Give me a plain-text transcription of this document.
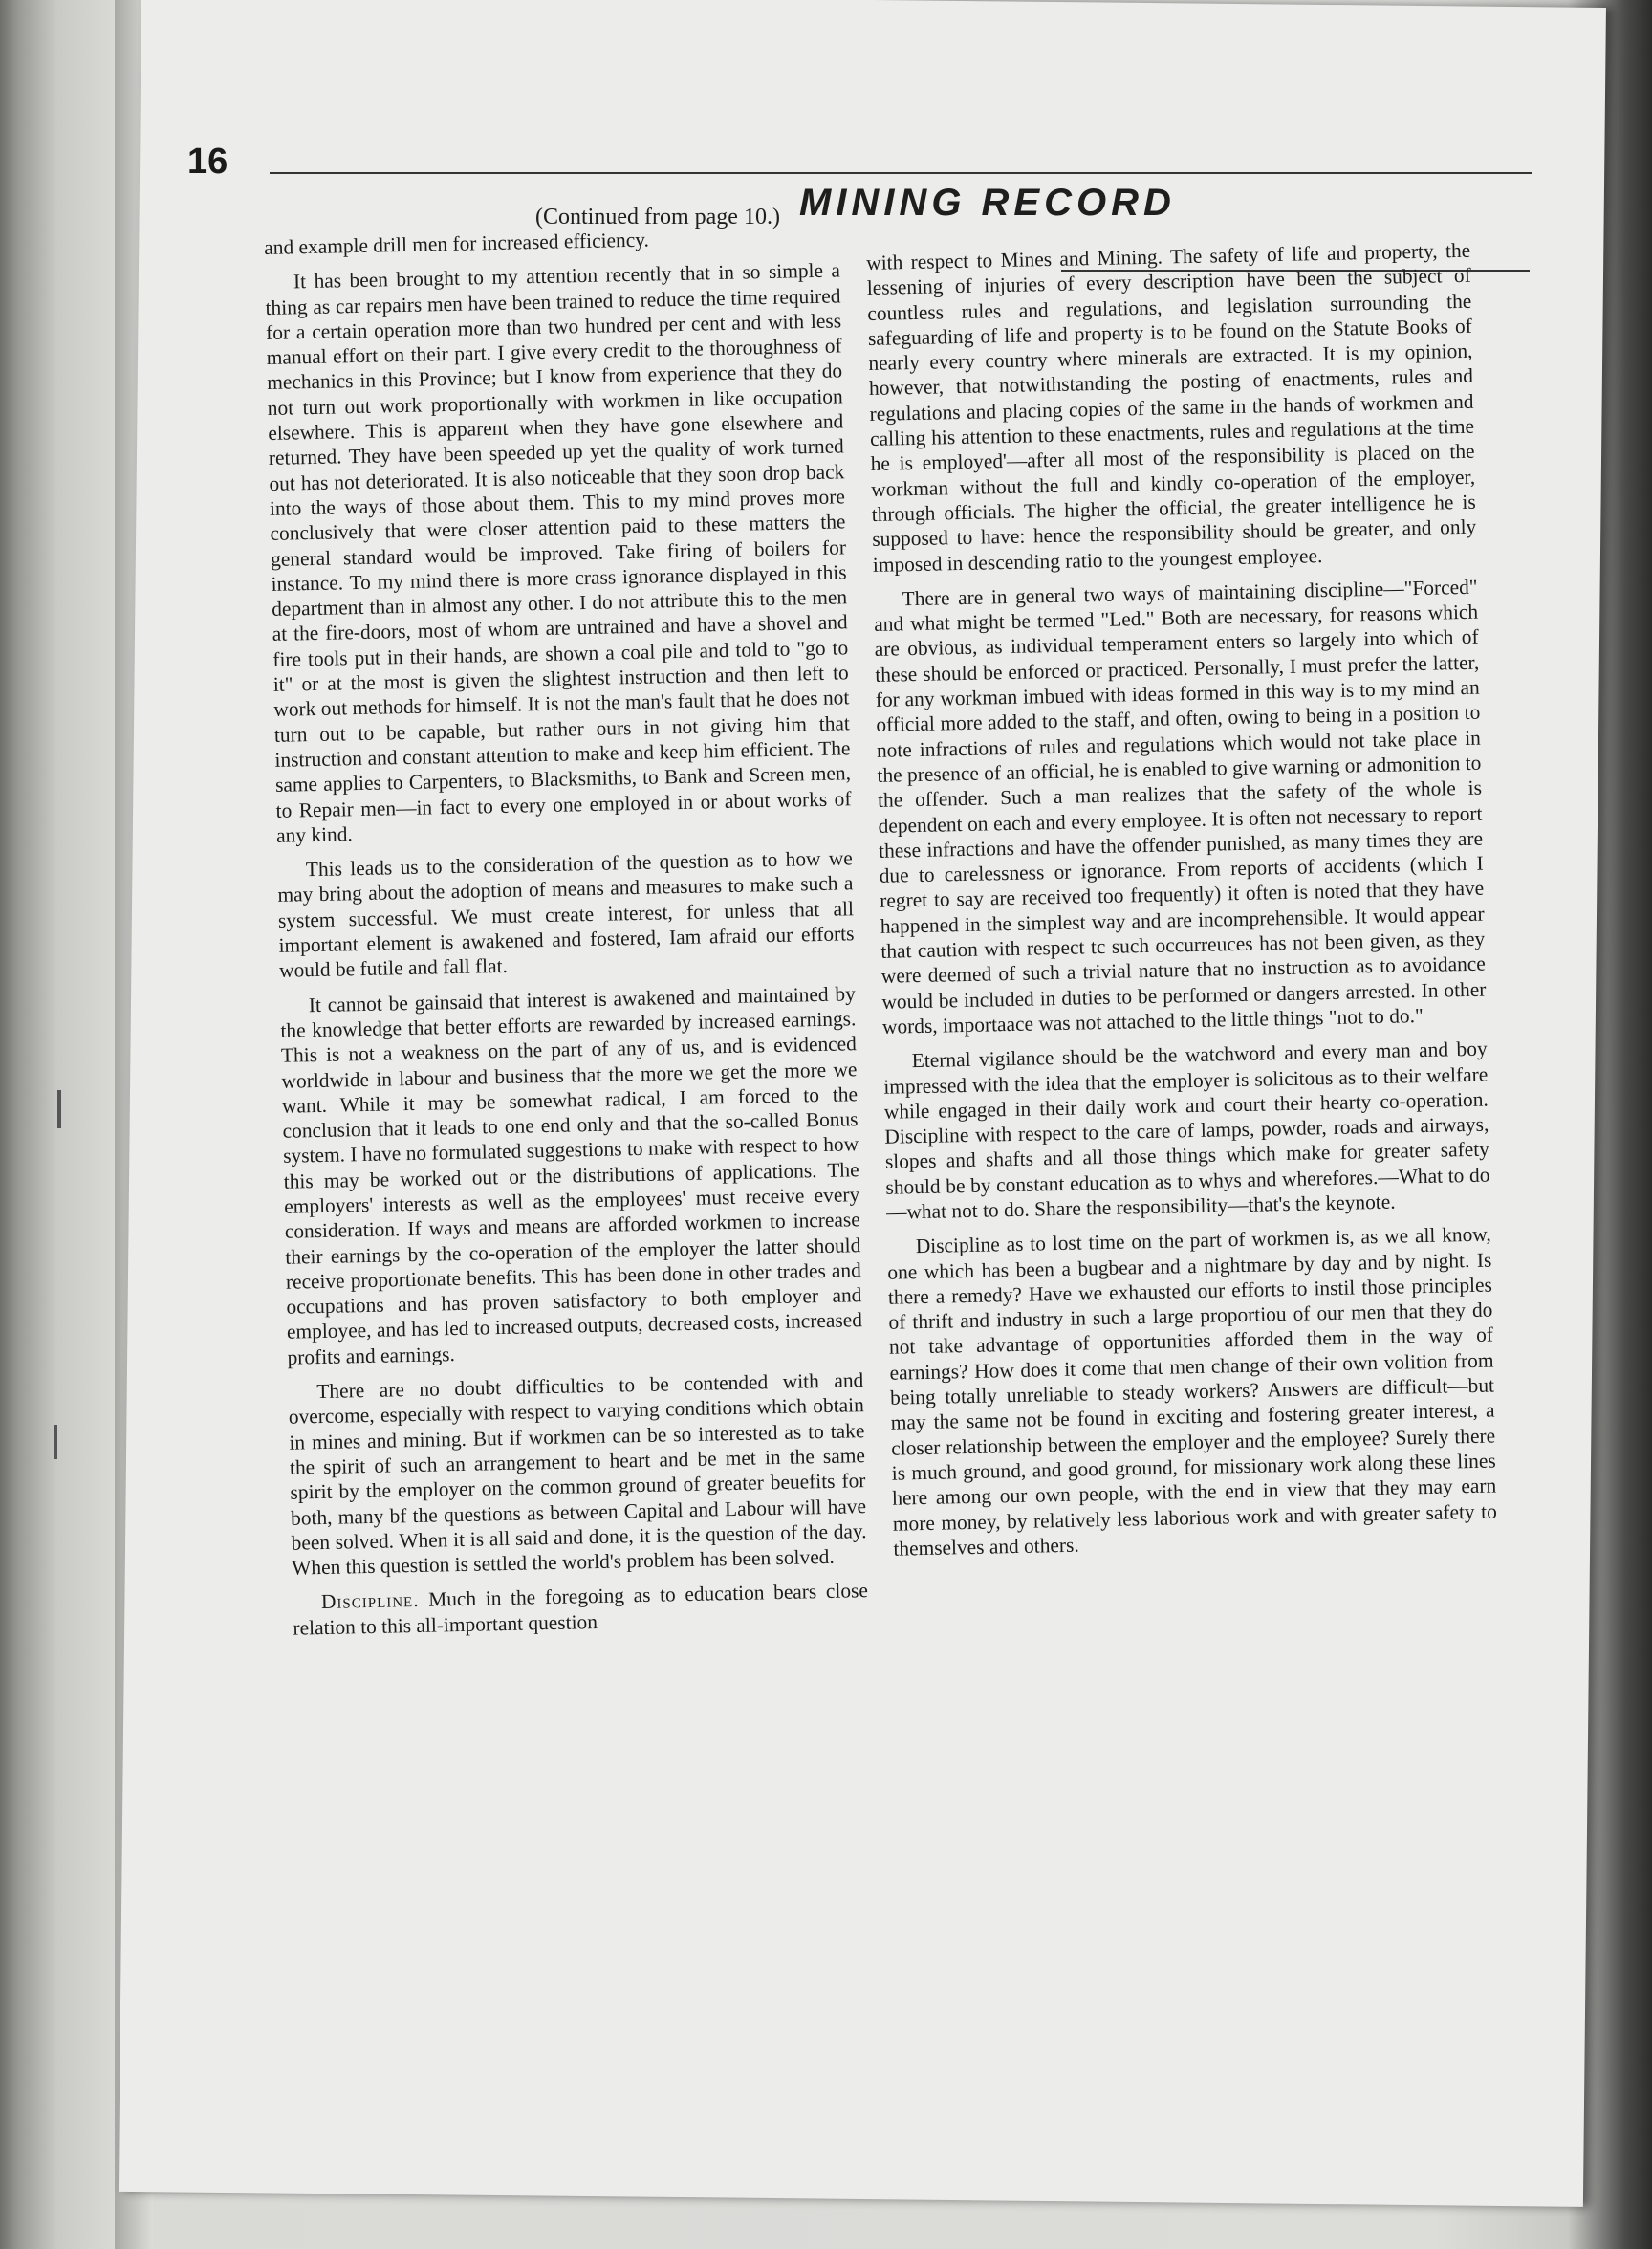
16
MINING RECORD
(Continued from page 10.)

and example drill men for increased efficiency.

It has been brought to my attention recently that in so simple a thing as car repairs men have been trained to reduce the time required for a certain operation more than two hundred per cent and with less manual effort on their part. I give every credit to the thoroughness of mechanics in this Province; but I know from experience that they do not turn out work proportionally with workmen in like occupation elsewhere. This is apparent when they have gone elsewhere and returned. They have been speeded up yet the quality of work turned out has not deteriorated. It is also noticeable that they soon drop back into the ways of those about them. This to my mind proves more conclusively that were closer attention paid to these matters the general standard would be improved. Take firing of boilers for instance. To my mind there is more crass ignorance displayed in this department than in almost any other. I do not attribute this to the men at the fire-doors, most of whom are untrained and have a shovel and fire tools put in their hands, are shown a coal pile and told to "go to it" or at the most is given the slightest instruction and then left to work out methods for himself. It is not the man's fault that he does not turn out to be capable, but rather ours in not giving him that instruction and constant attention to make and keep him efficient. The same applies to Carpenters, to Blacksmiths, to Bank and Screen men, to Repair men—in fact to every one employed in or about works of any kind.

This leads us to the consideration of the question as to how we may bring about the adoption of means and measures to make such a system successful. We must create interest, for unless that all important element is awakened and fostered, Iam afraid our efforts would be futile and fall flat.

It cannot be gainsaid that interest is awakened and maintained by the knowledge that better efforts are rewarded by increased earnings. This is not a weakness on the part of any of us, and is evidenced worldwide in labour and business that the more we get the more we want. While it may be somewhat radical, I am forced to the conclusion that it leads to one end only and that the so-called Bonus system. I have no formulated suggestions to make with respect to how this may be worked out or the distributions of applications. The employers' interests as well as the employees' must receive every consideration. If ways and means are afforded workmen to increase their earnings by the co-operation of the employer the latter should receive proportionate benefits. This has been done in other trades and occupations and has proven satisfactory to both employer and employee, and has led to increased outputs, decreased costs, increased profits and earnings.

There are no doubt difficulties to be contended with and overcome, especially with respect to varying conditions which obtain in mines and mining. But if workmen can be so interested as to take the spirit of such an arrangement to heart and be met in the same spirit by the employer on the common ground of greater beuefits for both, many bf the questions as between Capital and Labour will have been solved. When it is all said and done, it is the question of the day. When this question is settled the world's problem has been solved.

Discipline. Much in the foregoing as to education bears close relation to this all-important question

with respect to Mines and Mining. The safety of life and property, the lessening of injuries of every description have been the subject of countless rules and regulations, and legislation surrounding the safeguarding of life and property is to be found on the Statute Books of nearly every country where minerals are extracted. It is my opinion, however, that notwithstanding the posting of enactments, rules and regulations and placing copies of the same in the hands of workmen and calling his attention to these enactments, rules and regulations at the time he is employed'—after all most of the responsibility is placed on the workman without the full and kindly co-operation of the employer, through officials. The higher the official, the greater intelligence he is supposed to have: hence the responsibility should be greater, and only imposed in descending ratio to the youngest employee.

There are in general two ways of maintaining discipline—"Forced" and what might be termed "Led." Both are necessary, for reasons which are obvious, as individual temperament enters so largely into which of these should be enforced or practiced. Personally, I must prefer the latter, for any workman imbued with ideas formed in this way is to my mind an official more added to the staff, and often, owing to being in a position to note infractions of rules and regulations which would not take place in the presence of an official, he is enabled to give warning or admonition to the offender. Such a man realizes that the safety of the whole is dependent on each and every employee. It is often not necessary to report these infractions and have the offender punished, as many times they are due to carelessness or ignorance. From reports of accidents (which I regret to say are received too frequently) it often is noted that they have happened in the simplest way and are incomprehensible. It would appear that caution with respect tc such occurreuces has not been given, as they were deemed of such a trivial nature that no instruction as to avoidance would be included in duties to be performed or dangers arrested. In other words, importaace was not attached to the little things "not to do."

Eternal vigilance should be the watchword and every man and boy impressed with the idea that the employer is solicitous as to their welfare while engaged in their daily work and court their hearty co-operation. Discipline with respect to the care of lamps, powder, roads and airways, slopes and shafts and all those things which make for greater safety should be by constant education as to whys and wherefores.—What to do—what not to do. Share the responsibility—that's the keynote.

Discipline as to lost time on the part of workmen is, as we all know, one which has been a bugbear and a nightmare by day and by night. Is there a remedy? Have we exhausted our efforts to instil those principles of thrift and industry in such a large proportiou of our men that they do not take advantage of opportunities afforded them in the way of earnings? How does it come that men change of their own volition from being totally unreliable to steady workers? Answers are difficult—but may the same not be found in exciting and fostering greater interest, a closer relationship between the employer and the employee? Surely there is much ground, and good ground, for missionary work along these lines here among our own people, with the end in view that they may earn more money, by relatively less laborious work and with greater safety to themselves and others.
